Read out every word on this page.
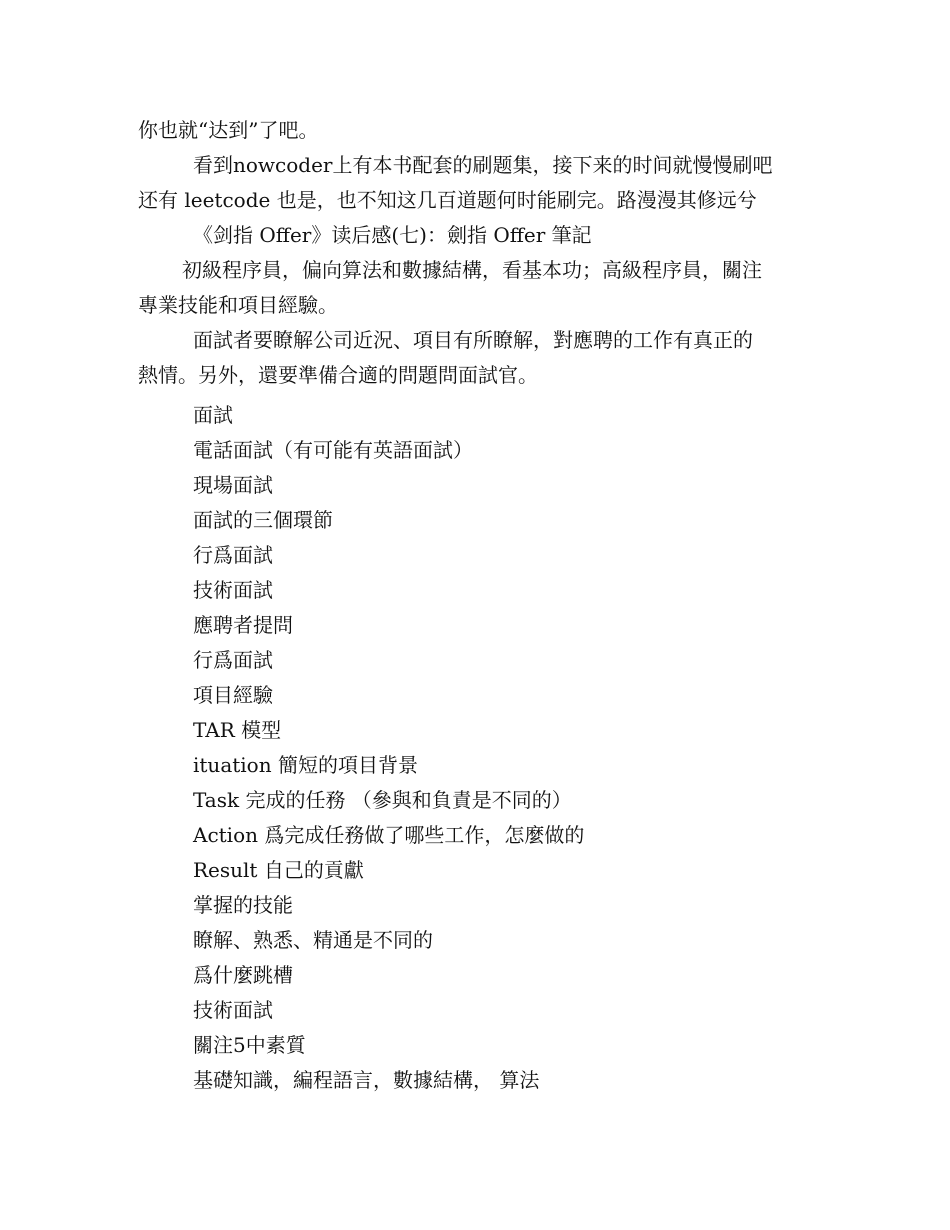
你也就“达到”了吧。
看到nowcoder上有本书配套的刷题集，接下来的时间就慢慢刷吧
还有 leetcode 也是，也不知这几百道题何时能刷完。路漫漫其修远兮
《剑指 Offer》读后感(七)：劍指 Offer 筆記
初級程序員，偏向算法和數據結構，看基本功；高級程序員，關注
專業技能和項目經驗。
面試者要瞭解公司近況、項目有所瞭解，對應聘的工作有真正的
熱情。另外，還要準備合適的問題問面試官。
面試
電話面試（有可能有英語面試）
現場面試
面試的三個環節
行爲面試
技術面試
應聘者提問
行爲面試
項目經驗
TAR 模型
ituation 簡短的項目背景
Task 完成的任務 （參與和負責是不同的）
Action 爲完成任務做了哪些工作，怎麼做的
Result 自己的貢獻
掌握的技能
瞭解、熟悉、精通是不同的
爲什麼跳槽
技術面試
關注5中素質
基礎知識，編程語言，數據結構， 算法
